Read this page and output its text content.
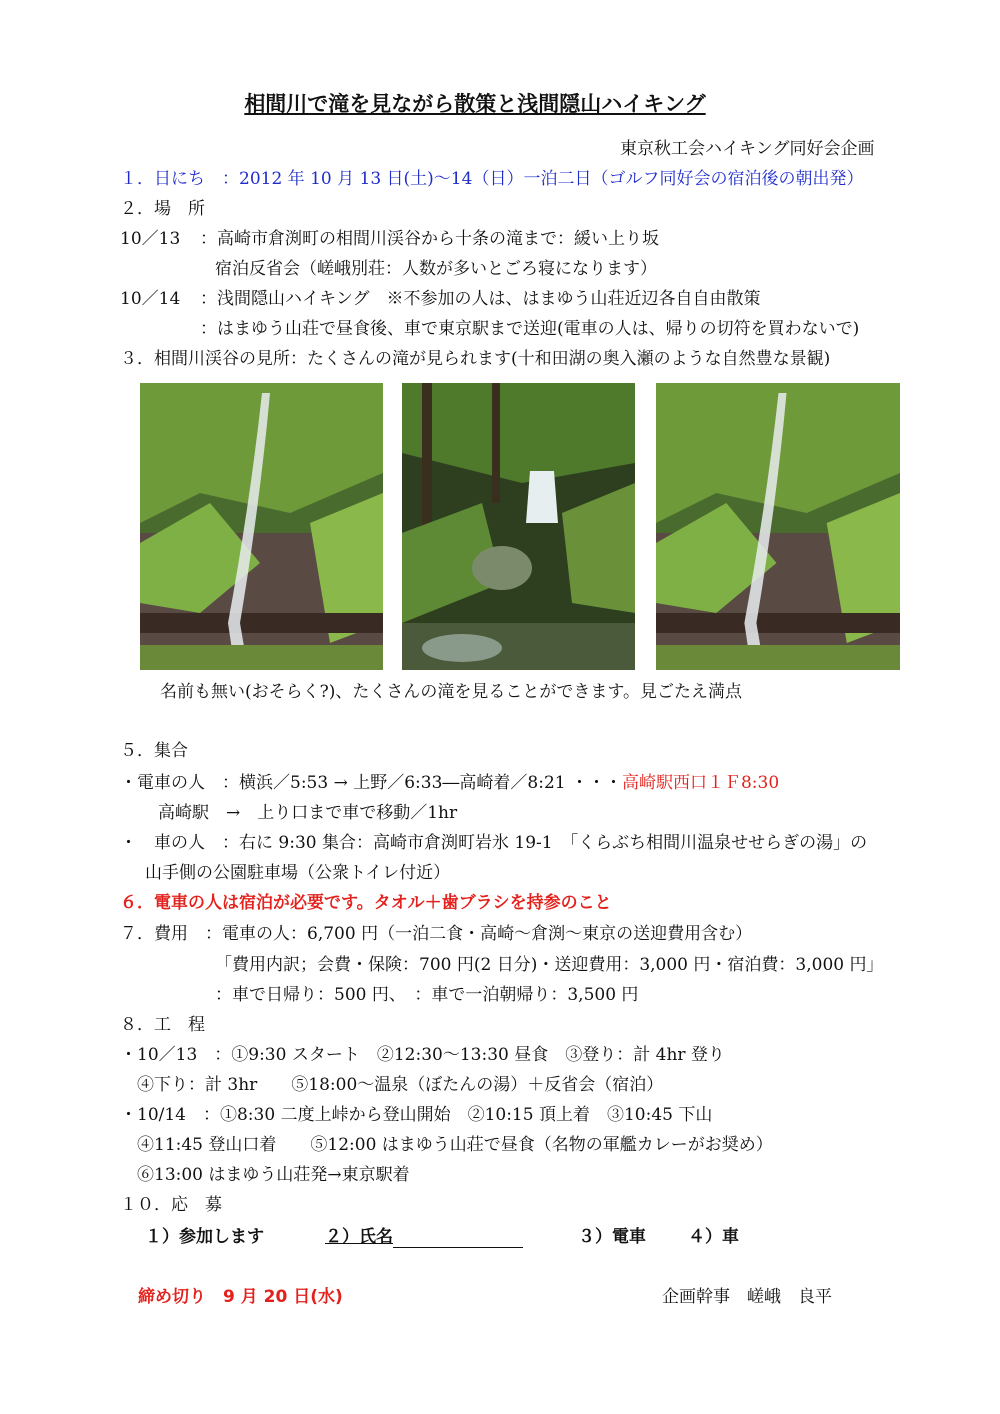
相間川で滝を見ながら散策と浅間隠山ハイキング
東京秋工会ハイキング同好会企画
１．日にち　：2012 年 10 月 13 日(土)～14（日）一泊二日（ゴルフ同好会の宿泊後の朝出発）
２．場　所
10／13 ：高崎市倉渕町の相間川渓谷から十条の滝まで：緩い上り坂
宿泊反省会（嵯峨別荘：人数が多いとごろ寝になります）
10／14 ：浅間隠山ハイキング　※不参加の人は、はまゆう山荘近辺各自自由散策
：はまゆう山荘で昼食後、車で東京駅まで送迎(電車の人は、帰りの切符を買わないで)
３．相間川渓谷の見所：たくさんの滝が見られます(十和田湖の奥入瀬のような自然豊な景観)
名前も無い(おそらく?)、たくさんの滝を見ることができます。見ごたえ満点
５．集合
・電車の人　：横浜／5:53 → 上野／6:33―高崎着／8:21 ・・・高崎駅西口１Ｆ8:30
高崎駅　→　上り口まで車で移動／1hr
・　車の人　：右に 9:30 集合：高崎市倉渕町岩氷 19-1　「くらぶち相間川温泉せせらぎの湯」の
山手側の公園駐車場（公衆トイレ付近）
６．電車の人は宿泊が必要です。タオル＋歯ブラシを持参のこと
７．費用　：電車の人：6,700 円（一泊二食・高崎～倉渕～東京の送迎費用含む）
「費用内訳；会費・保険：700 円(2 日分)・送迎費用：3,000 円・宿泊費：3,000 円」
：車で日帰り：500 円、　：車で一泊朝帰り：3,500 円
８．工　程
・10／13　：①9:30 スタート　②12:30～13:30 昼食　③登り：計 4hr 登り
④下り：計 3hr　　⑤18:00～温泉（ぼたんの湯）＋反省会（宿泊）
・10/14　：①8:30 二度上峠から登山開始　②10:15 頂上着　③10:45 下山
④11:45 登山口着　　⑤12:00 はまゆう山荘で昼食（名物の軍艦カレーがお奨め）
⑥13:00 はまゆう山荘発→東京駅着
１０．応　募
１）参加します	２）氏名	３）電車 ４）車
締め切り　9 月 20 日(水)	企画幹事　嵯峨　良平
